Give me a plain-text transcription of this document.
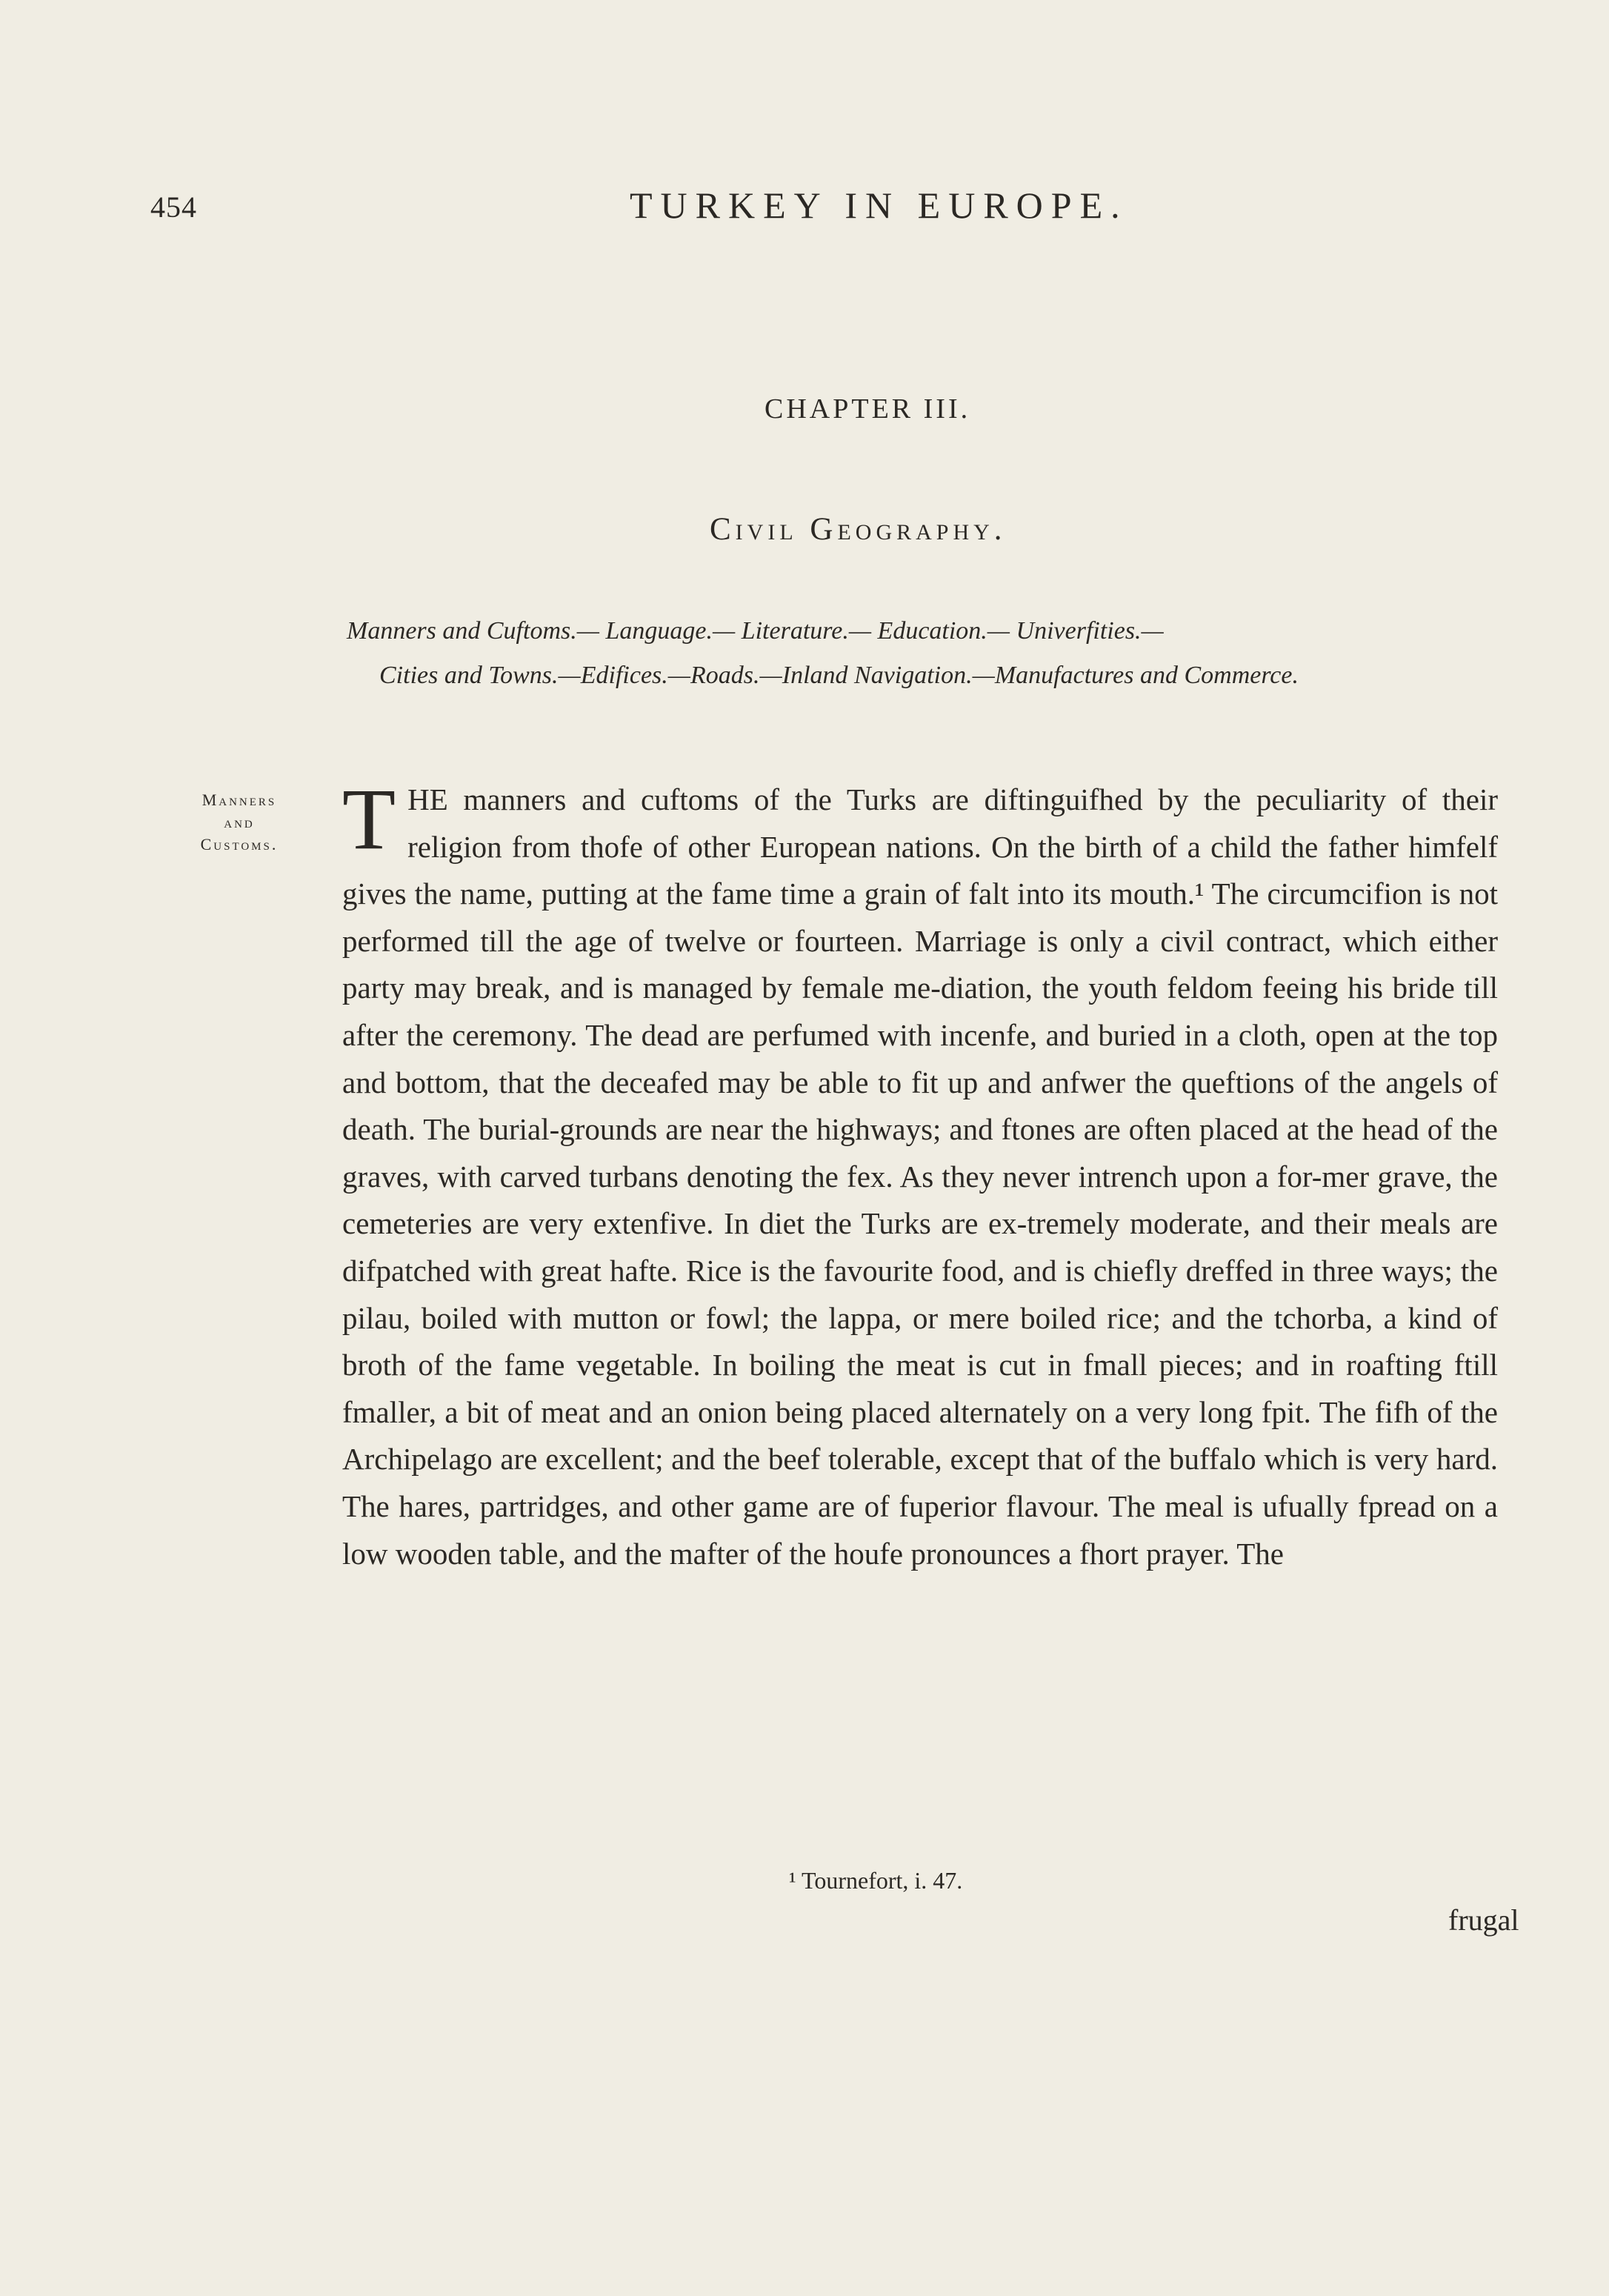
454	TURKEY IN EUROPE.
CHAPTER III.
Civil Geography.
Manners and Cuftoms.— Language.— Literature.— Education.— Univerfities.—
Cities and Towns.—Edifices.—Roads.—Inland Navigation.—Manufactures and Commerce.
Manners
and
Customs. THE manners and cuftoms of the Turks are diftinguifhed by the peculiarity of their religion from thofe of other European nations. On the birth of a child the father himfelf gives the name, putting at the fame time a grain of falt into its mouth.¹ The circumcifion is not performed till the age of twelve or fourteen. Marriage is only a civil contract, which either party may break, and is managed by female me-diation, the youth feldom feeing his bride till after the ceremony. The dead are perfumed with incenfe, and buried in a cloth, open at the top and bottom, that the deceafed may be able to fit up and anfwer the queftions of the angels of death. The burial-grounds are near the highways; and ftones are often placed at the head of the graves, with carved turbans denoting the fex. As they never intrench upon a for-mer grave, the cemeteries are very extenfive. In diet the Turks are ex-tremely moderate, and their meals are difpatched with great hafte. Rice is the favourite food, and is chiefly dreffed in three ways; the pilau, boiled with mutton or fowl; the lappa, or mere boiled rice; and the tchorba, a kind of broth of the fame vegetable. In boiling the meat is cut in fmall pieces; and in roafting ftill fmaller, a bit of meat and an onion being placed alternately on a very long fpit. The fifh of the Archipelago are excellent; and the beef tolerable, except that of the buffalo which is very hard. The hares, partridges, and other game are of fuperior flavour. The meal is ufually fpread on a low wooden table, and the mafter of the houfe pronounces a fhort prayer. The
¹ Tournefort, i. 47.
frugal
